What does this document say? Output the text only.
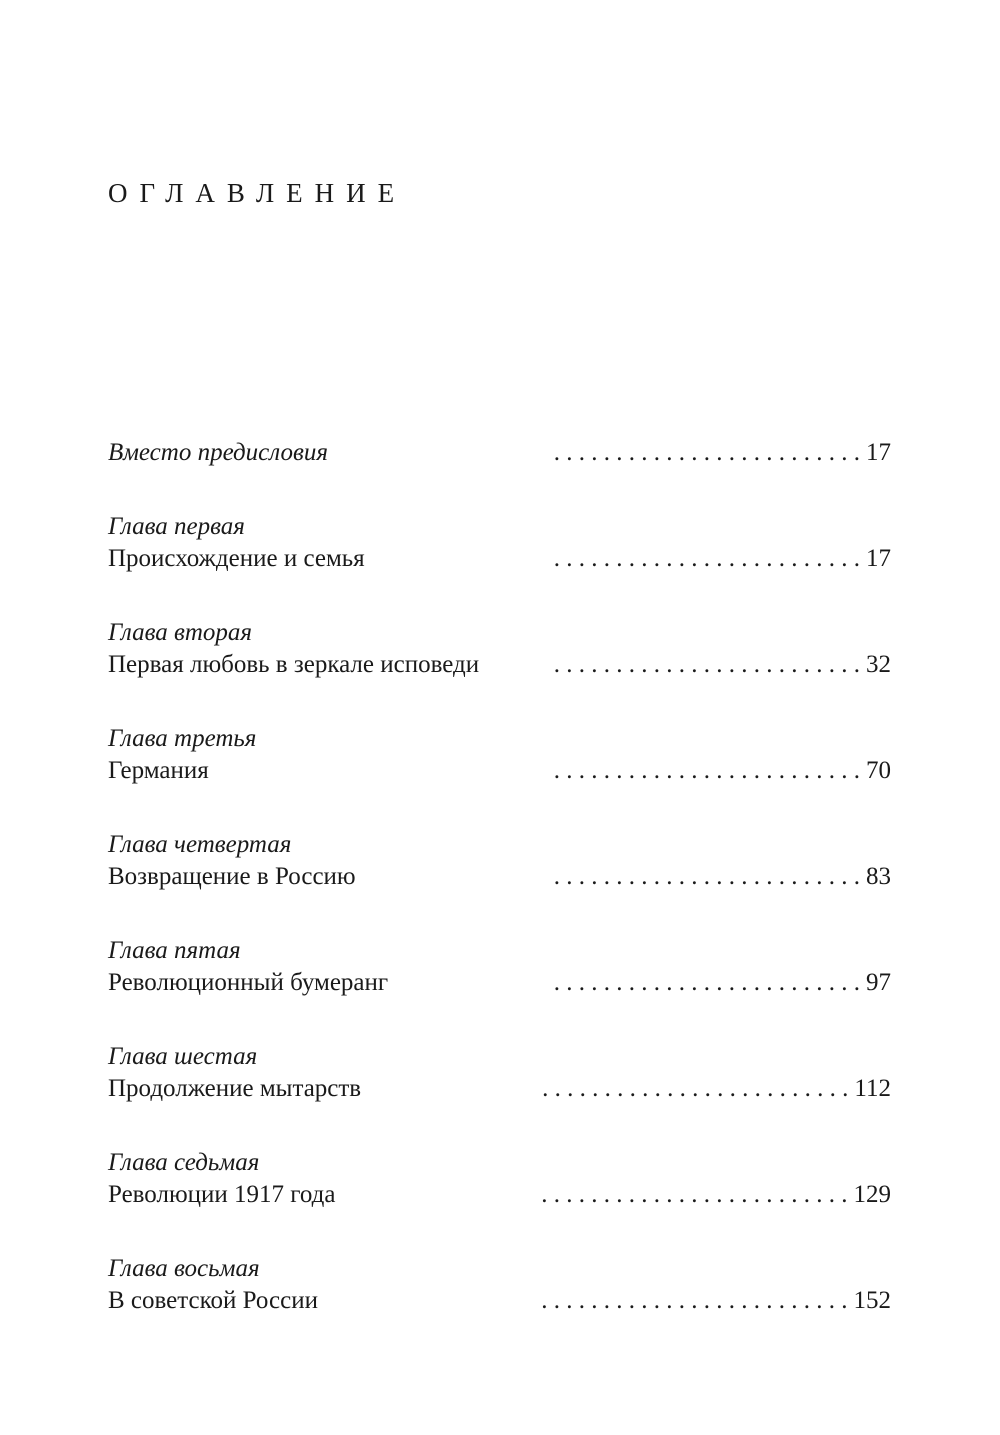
ОГЛАВЛЕНИЕ
Вместо предисловия	. . . . . . . . . . . . . . . . . . . . . . . . . 17
Глава первая
Происхождение и семья	. . . . . . . . . . . . . . . . . . . . . . . . . 17
Глава вторая
Первая любовь в зеркале исповеди	. . . . . . . . . . . . . . . . . . . . . . . . . 32
Глава третья
Германия	. . . . . . . . . . . . . . . . . . . . . . . . . 70
Глава четвертая
Возвращение в Россию	. . . . . . . . . . . . . . . . . . . . . . . . . 83
Глава пятая
Революционный бумеранг	. . . . . . . . . . . . . . . . . . . . . . . . . 97
Глава шестая
Продолжение мытарств	. . . . . . . . . . . . . . . . . . . . . . . . . 112
Глава седьмая
Революции 1917 года	. . . . . . . . . . . . . . . . . . . . . . . . . 129
Глава восьмая
В советской России	. . . . . . . . . . . . . . . . . . . . . . . . . 152
